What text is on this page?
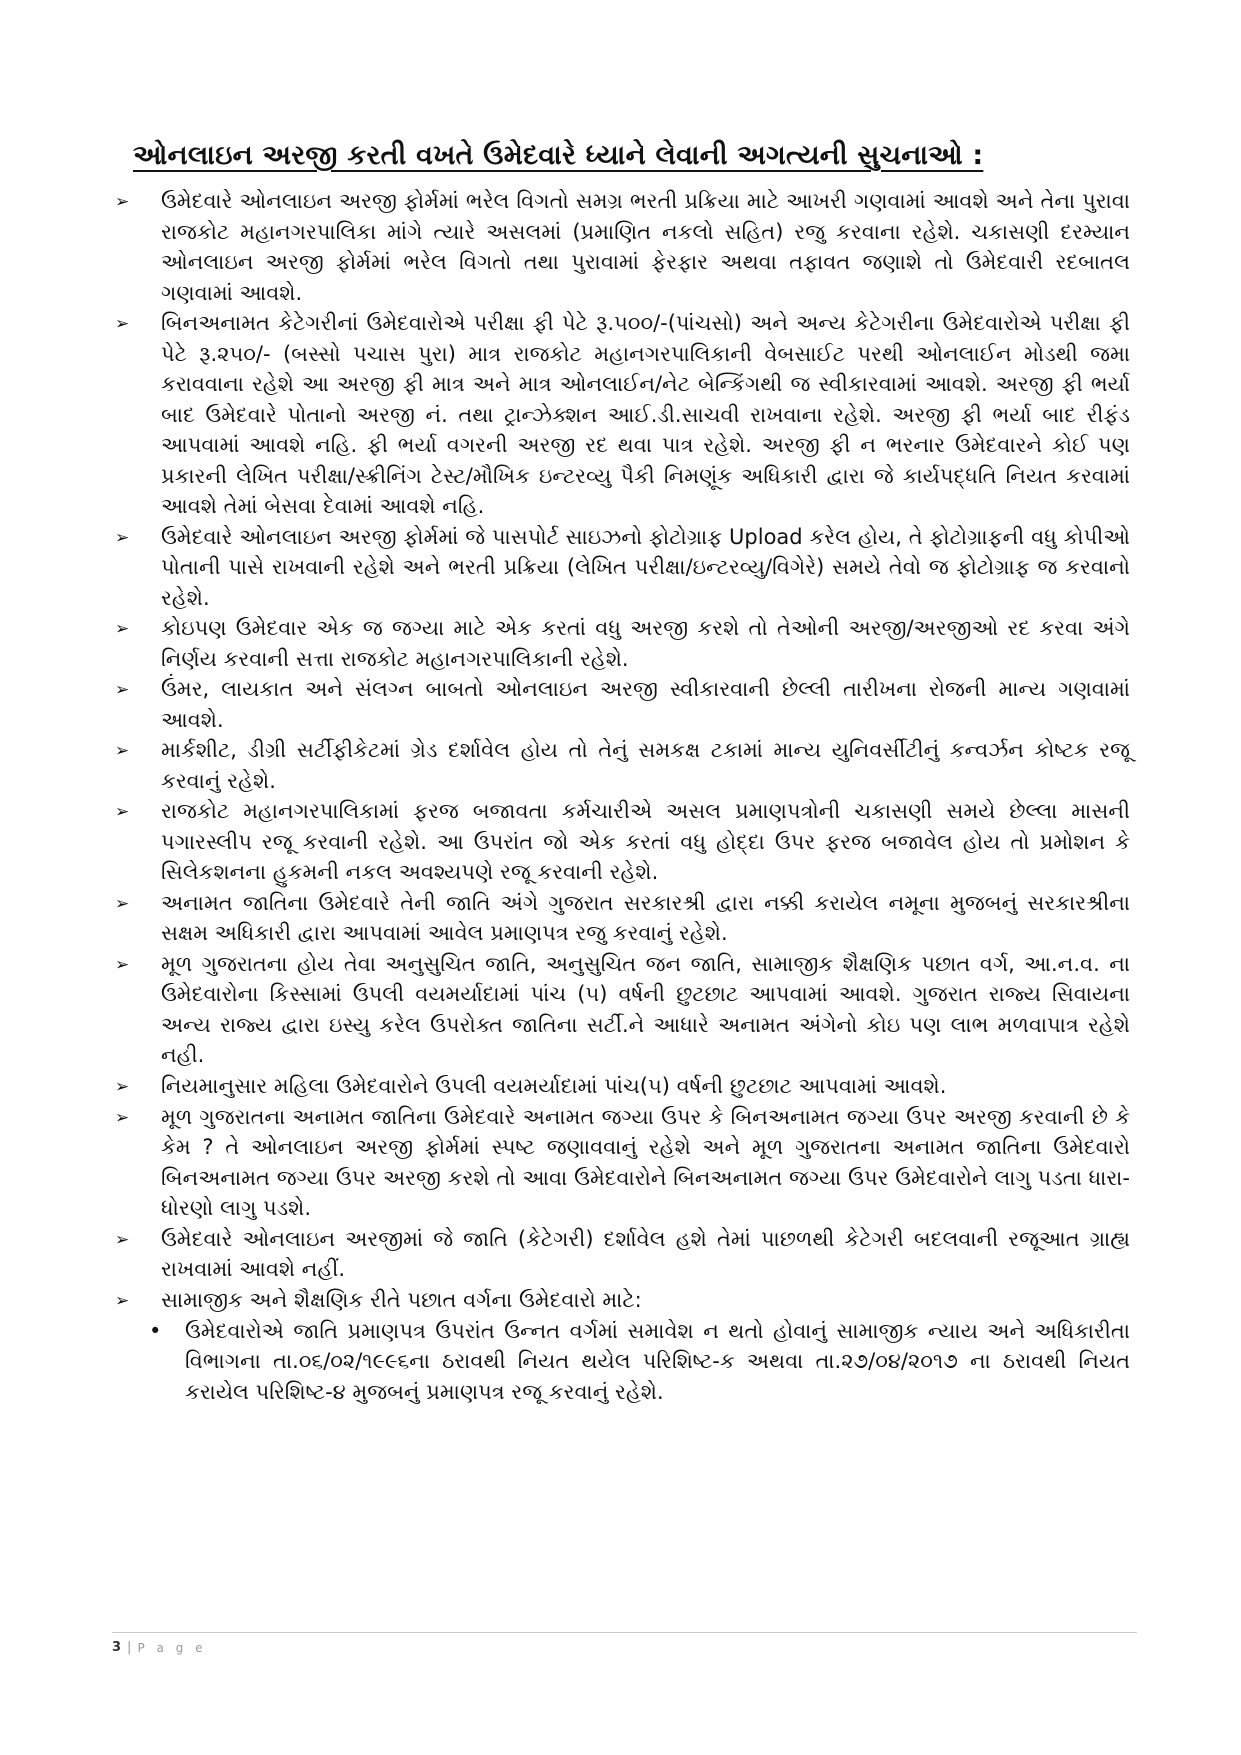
ઓનલાઇન અરજી કરતી વખતે ઉમેદવારે ધ્યાને લેવાની અગત્યની સુચનાઓ :
➢	ઉમેદવારે ઓનલાઇન અરજી ફોર્મમાં ભરેલ વિગતો સમગ્ર ભરતી પ્રક્રિયા માટે આખરી ગણવામાં આવશે અને તેના પુરાવા રાજકોટ મહાનગરપાલિકા માંગે ત્યારે અસલમાં (પ્રમાણિત નકલો સહિત) રજુ કરવાના રહેશે. ચકાસણી દરમ્યાન ઓનલાઇન અરજી ફોર્મમાં ભરેલ વિગતો તથા પુરાવામાં ફેરફાર અથવા તફાવત જણાશે તો ઉમેદવારી રદબાતલ ગણવામાં આવશે.
➢	બિનઅનામત કેટેગરીનાં ઉમેદવારોએ પરીક્ષા ફી પેટે રૂ.૫૦૦/-(પાંચસો) અને અન્ય કેટેગરીના ઉમેદવારોએ પરીક્ષા ફી પેટે રૂ.૨૫૦/- (બસ્સો પચાસ પુરા) માત્ર રાજકોટ મહાનગરપાલિકાની વેબસાઈટ પરથી ઓનલાઈન મોડથી જમા કરાવવાના રહેશે આ અરજી ફી માત્ર અને માત્ર ઓનલાઈન/નેટ બેન્કિંગથી જ સ્વીકારવામાં આવશે. અરજી ફી ભર્યા બાદ ઉમેદવારે પોતાનો અરજી નં. તથા ટ્રાન્ઝેક્શન આઈ.ડી.સાચવી રાખવાના રહેશે. અરજી ફી ભર્યા બાદ રીફંડ આપવામાં આવશે નહિ. ફી ભર્યા વગરની અરજી રદ થવા પાત્ર રહેશે. અરજી ફી ન ભરનાર ઉમેદવારને કોઈ પણ પ્રકારની લેખિત પરીક્ષા/સ્ક્રીનિંગ ટેસ્ટ/મૌખિક ઇન્ટરવ્યુ પૈકી નિમણૂંક અધિકારી દ્વારા જે કાર્યપદ્ધતિ નિયત કરવામાં આવશે તેમાં બેસવા દેવામાં આવશે નહિ.
➢	ઉમેદવારે ઓનલાઇન અરજી ફોર્મમાં જે પાસપોર્ટ સાઇઝનો ફોટોગ્રાફ Upload કરેલ હોય, તે ફોટોગ્રાફની વધુ કોપીઓ પોતાની પાસે રાખવાની રહેશે અને ભરતી પ્રક્રિયા (લેખિત પરીક્ષા/ઇન્ટરવ્યુ/વિગેરે) સમયે તેવો જ ફોટોગ્રાફ જ કરવાનો રહેશે.
➢	કોઇપણ ઉમેદવાર એક જ જગ્યા માટે એક કરતાં વધુ અરજી કરશે તો તેઓની અરજી/અરજીઓ રદ કરવા અંગે નિર્ણય કરવાની સત્તા રાજકોટ મહાનગરપાલિકાની રહેશે.
➢	ઉંમર, લાયકાત અને સંલગ્ન બાબતો ઓનલાઇન અરજી સ્વીકારવાની છેલ્લી તારીખના રોજની માન્ય ગણવામાં આવશે.
➢	માર્કશીટ, ડીગ્રી સર્ટીફીકેટમાં ગ્રેડ દર્શાવેલ હોય તો તેનું સમકક્ષ ટકામાં માન્ય યુનિવર્સીટીનું કન્વર્ઝન કોષ્ટક રજૂ કરવાનું રહેશે.
➢	રાજકોટ મહાનગરપાલિકામાં ફરજ બજાવતા કર્મચારીએ અસલ પ્રમાણપત્રોની ચકાસણી સમયે છેલ્લા માસની પગારસ્લીપ રજૂ કરવાની રહેશે. આ ઉપરાંત જો એક કરતાં વધુ હોદ્દા ઉપર ફરજ બજાવેલ હોય તો પ્રમોશન કે સિલેકશનના હુકમની નકલ અવશ્યપણે રજૂ કરવાની રહેશે.
➢	અનામત જાતિના ઉમેદવારે તેની જાતિ અંગે ગુજરાત સરકારશ્રી દ્વારા નક્કી કરાયેલ નમૂના મુજબનું સરકારશ્રીના સક્ષમ અધિકારી દ્વારા આપવામાં આવેલ પ્રમાણપત્ર રજુ કરવાનું રહેશે.
➢	મૂળ ગુજરાતના હોય તેવા અનુસુચિત જાતિ, અનુસુચિત જન જાતિ, સામાજીક શૈક્ષણિક પછાત વર્ગ, આ.ન.વ. ના ઉમેદવારોના કિસ્સામાં ઉપલી વયમર્યાદામાં પાંચ (૫) વર્ષની છુટછાટ આપવામાં આવશે. ગુજરાત રાજ્ય સિવાયના અન્ય રાજ્ય દ્વારા ઇસ્યુ કરેલ ઉપરોક્ત જાતિના સર્ટી.ને આધારે અનામત અંગેનો કોઇ પણ લાભ મળવાપાત્ર રહેશે નહી.
➢	નિયમાનુસાર મહિલા ઉમેદવારોને ઉપલી વયમર્યાદામાં પાંચ(૫) વર્ષની છુટછાટ આપવામાં આવશે.
➢	મૂળ ગુજરાતના અનામત જાતિના ઉમેદવારે અનામત જગ્યા ઉપર કે બિનઅનામત જગ્યા ઉપર અરજી કરવાની છે કે કેમ ? તે ઓનલાઇન અરજી ફોર્મમાં સ્પષ્ટ જણાવવાનું રહેશે અને મૂળ ગુજરાતના અનામત જાતિના ઉમેદવારો બિનઅનામત જગ્યા ઉપર અરજી કરશે તો આવા ઉમેદવારોને બિનઅનામત જગ્યા ઉપર ઉમેદવારોને લાગુ પડતા ધારા-ધોરણો લાગુ પડશે.
➢	ઉમેદવારે ઓનલાઇન અરજીમાં જે જાતિ (કેટેગરી) દર્શાવેલ હશે તેમાં પાછળથી કેટેગરી બદલવાની રજૂઆત ગ્રાહ્ય રાખવામાં આવશે નહીં.
➢	સામાજીક અને શૈક્ષણિક રીતે પછાત વર્ગના ઉમેદવારો માટે:
•	ઉમેદવારોએ જાતિ પ્રમાણપત્ર ઉપરાંત ઉન્નત વર્ગમાં સમાવેશ ન થતો હોવાનું સામાજીક ન્યાય અને અધિકારીતા વિભાગના તા.૦૬/૦૨/૧૯૯૬ના ઠરાવથી નિયત થયેલ પરિશિષ્ટ-ક અથવા તા.૨૭/૦૪/૨૦૧૭ ના ઠરાવથી નિયત કરાયેલ પરિશિષ્ટ-૪ મુજબનું પ્રમાણપત્ર રજૂ કરવાનું રહેશે.
3 | P a g e
